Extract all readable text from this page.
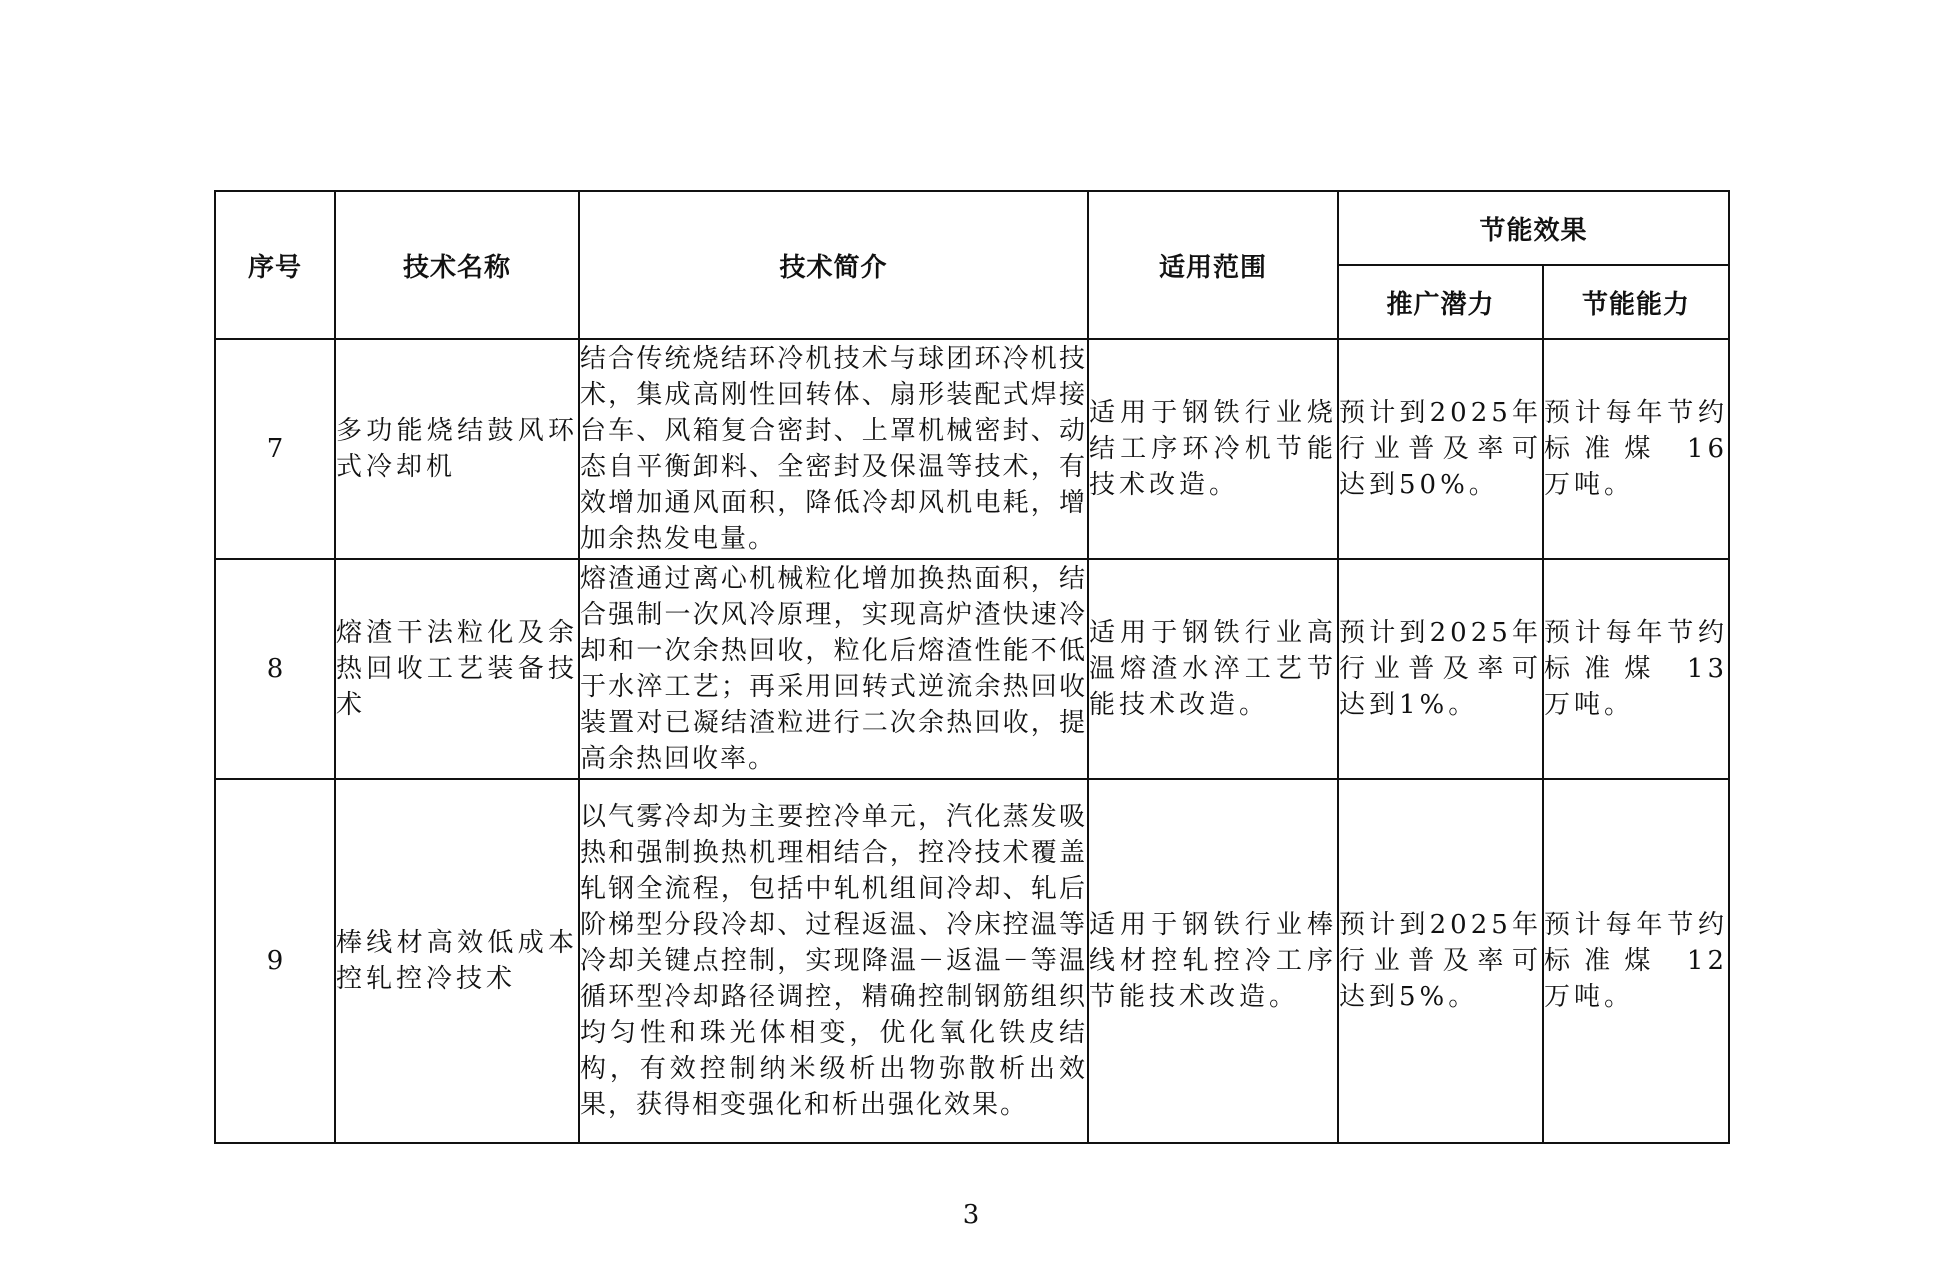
序号	技术名称	技术简介	适用范围	节能效果	
				推广潜力	节能能力
7	多功能烧结鼓风环式冷却机	结合传统烧结环冷机技术与球团环冷机技术，集成高刚性回转体、扇形装配式焊接台车、风箱复合密封、上罩机械密封、动态自平衡卸料、全密封及保温等技术，有效增加通风面积，降低冷却风机电耗，增加余热发电量。	适用于钢铁行业烧结工序环冷机节能技术改造。	预计到2025年行业普及率可达到50%。	预计每年节约标准煤 16 万吨。
8	熔渣干法粒化及余热回收工艺装备技术	熔渣通过离心机械粒化增加换热面积，结合强制一次风冷原理，实现高炉渣快速冷却和一次余热回收，粒化后熔渣性能不低于水淬工艺；再采用回转式逆流余热回收装置对已凝结渣粒进行二次余热回收，提高余热回收率。	适用于钢铁行业高温熔渣水淬工艺节能技术改造。	预计到2025年行业普及率可达到1%。	预计每年节约标准煤 13 万吨。
9	棒线材高效低成本控轧控冷技术	以气雾冷却为主要控冷单元，汽化蒸发吸热和强制换热机理相结合，控冷技术覆盖轧钢全流程，包括中轧机组间冷却、轧后阶梯型分段冷却、过程返温、冷床控温等冷却关键点控制，实现降温－返温－等温循环型冷却路径调控，精确控制钢筋组织均匀性和珠光体相变，优化氧化铁皮结构，有效控制纳米级析出物弥散析出效果，获得相变强化和析出强化效果。	适用于钢铁行业棒线材控轧控冷工序节能技术改造。	预计到2025年行业普及率可达到5%。	预计每年节约标准煤 12 万吨。
3
